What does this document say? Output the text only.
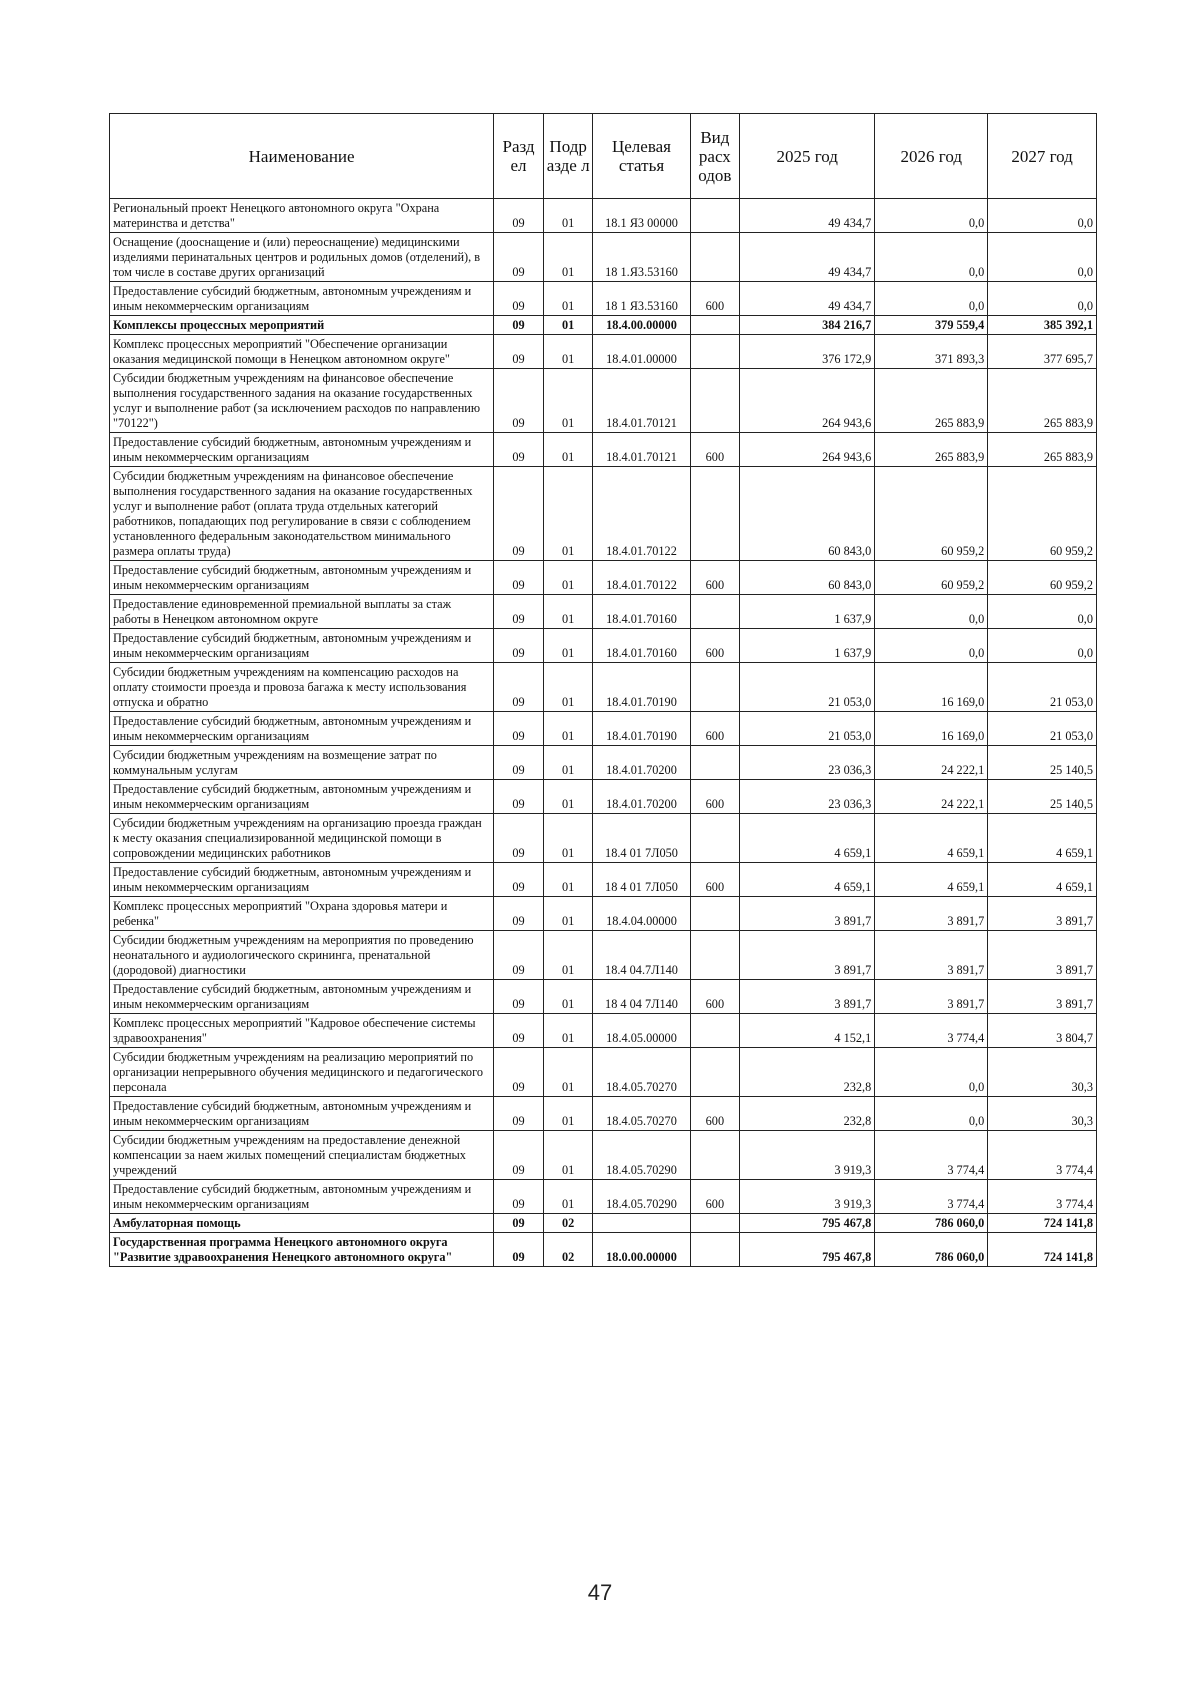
Наименование	Разд ел	Подр азде л	Целевая статья	Вид расх одов	2025 год	2026 год	2027 год
Региональный проект Ненецкого автономного округа "Охрана материнства и детства"	09	01	18.1 Я3 00000		49 434,7	0,0	0,0
Оснащение (дооснащение и (или) переоснащение) медицинскими изделиями перинатальных центров и родильных домов (отделений), в том числе в составе других организаций	09	01	18 1.Я3.53160		49 434,7	0,0	0,0
Предоставление субсидий бюджетным, автономным учреждениям и иным некоммерческим организациям	09	01	18 1 Я3.53160	600	49 434,7	0,0	0,0
Комплексы процессных мероприятий	09	01	18.4.00.00000		384 216,7	379 559,4	385 392,1
Комплекс процессных мероприятий "Обеспечение организации оказания медицинской помощи в Ненецком автономном округе"	09	01	18.4.01.00000		376 172,9	371 893,3	377 695,7
Субсидии бюджетным учреждениям на финансовое обеспечение выполнения государственного задания на оказание государственных услуг и выполнение работ (за исключением расходов по направлению "70122")	09	01	18.4.01.70121		264 943,6	265 883,9	265 883,9
Предоставление субсидий бюджетным, автономным учреждениям и иным некоммерческим организациям	09	01	18.4.01.70121	600	264 943,6	265 883,9	265 883,9
Субсидии бюджетным учреждениям на финансовое обеспечение выполнения государственного задания на оказание государственных услуг и выполнение работ (оплата труда отдельных категорий работников, попадающих под регулирование в связи с соблюдением установленного федеральным законодательством минимального размера оплаты труда)	09	01	18.4.01.70122		60 843,0	60 959,2	60 959,2
Предоставление субсидий бюджетным, автономным учреждениям и иным некоммерческим организациям	09	01	18.4.01.70122	600	60 843,0	60 959,2	60 959,2
Предоставление единовременной премиальной выплаты за стаж работы в Ненецком автономном округе	09	01	18.4.01.70160		1 637,9	0,0	0,0
Предоставление субсидий бюджетным, автономным учреждениям и иным некоммерческим организациям	09	01	18.4.01.70160	600	1 637,9	0,0	0,0
Субсидии бюджетным учреждениям на компенсацию расходов на оплату стоимости проезда и провоза багажа к месту использования отпуска и обратно	09	01	18.4.01.70190		21 053,0	16 169,0	21 053,0
Предоставление субсидий бюджетным, автономным учреждениям и иным некоммерческим организациям	09	01	18.4.01.70190	600	21 053,0	16 169,0	21 053,0
Субсидии бюджетным учреждениям на возмещение затрат по коммунальным услугам	09	01	18.4.01.70200		23 036,3	24 222,1	25 140,5
Предоставление субсидий бюджетным, автономным учреждениям и иным некоммерческим организациям	09	01	18.4.01.70200	600	23 036,3	24 222,1	25 140,5
Субсидии бюджетным учреждениям на организацию проезда граждан к месту оказания специализированной медицинской помощи в сопровождении медицинских работников	09	01	18.4 01 7Л050		4 659,1	4 659,1	4 659,1
Предоставление субсидий бюджетным, автономным учреждениям и иным некоммерческим организациям	09	01	18 4 01 7Л050	600	4 659,1	4 659,1	4 659,1
Комплекс процессных мероприятий "Охрана здоровья матери и ребенка"	09	01	18.4.04.00000		3 891,7	3 891,7	3 891,7
Субсидии бюджетным учреждениям на мероприятия по проведению неонатального и аудиологического скрининга, пренатальной (дородовой) диагностики	09	01	18.4 04.7Л140		3 891,7	3 891,7	3 891,7
Предоставление субсидий бюджетным, автономным учреждениям и иным некоммерческим организациям	09	01	18 4 04 7Л140	600	3 891,7	3 891,7	3 891,7
Комплекс процессных мероприятий "Кадровое обеспечение системы здравоохранения"	09	01	18.4.05.00000		4 152,1	3 774,4	3 804,7
Субсидии бюджетным учреждениям на реализацию мероприятий по организации непрерывного обучения медицинского и педагогического персонала	09	01	18.4.05.70270		232,8	0,0	30,3
Предоставление субсидий бюджетным, автономным учреждениям и иным некоммерческим организациям	09	01	18.4.05.70270	600	232,8	0,0	30,3
Субсидии бюджетным учреждениям на предоставление денежной компенсации за наем жилых помещений специалистам бюджетных учреждений	09	01	18.4.05.70290		3 919,3	3 774,4	3 774,4
Предоставление субсидий бюджетным, автономным учреждениям и иным некоммерческим организациям	09	01	18.4.05.70290	600	3 919,3	3 774,4	3 774,4
Амбулаторная помощь	09	02			795 467,8	786 060,0	724 141,8
Государственная программа Ненецкого автономного округа "Развитие здравоохранения Ненецкого автономного округа"	09	02	18.0.00.00000		795 467,8	786 060,0	724 141,8
47
